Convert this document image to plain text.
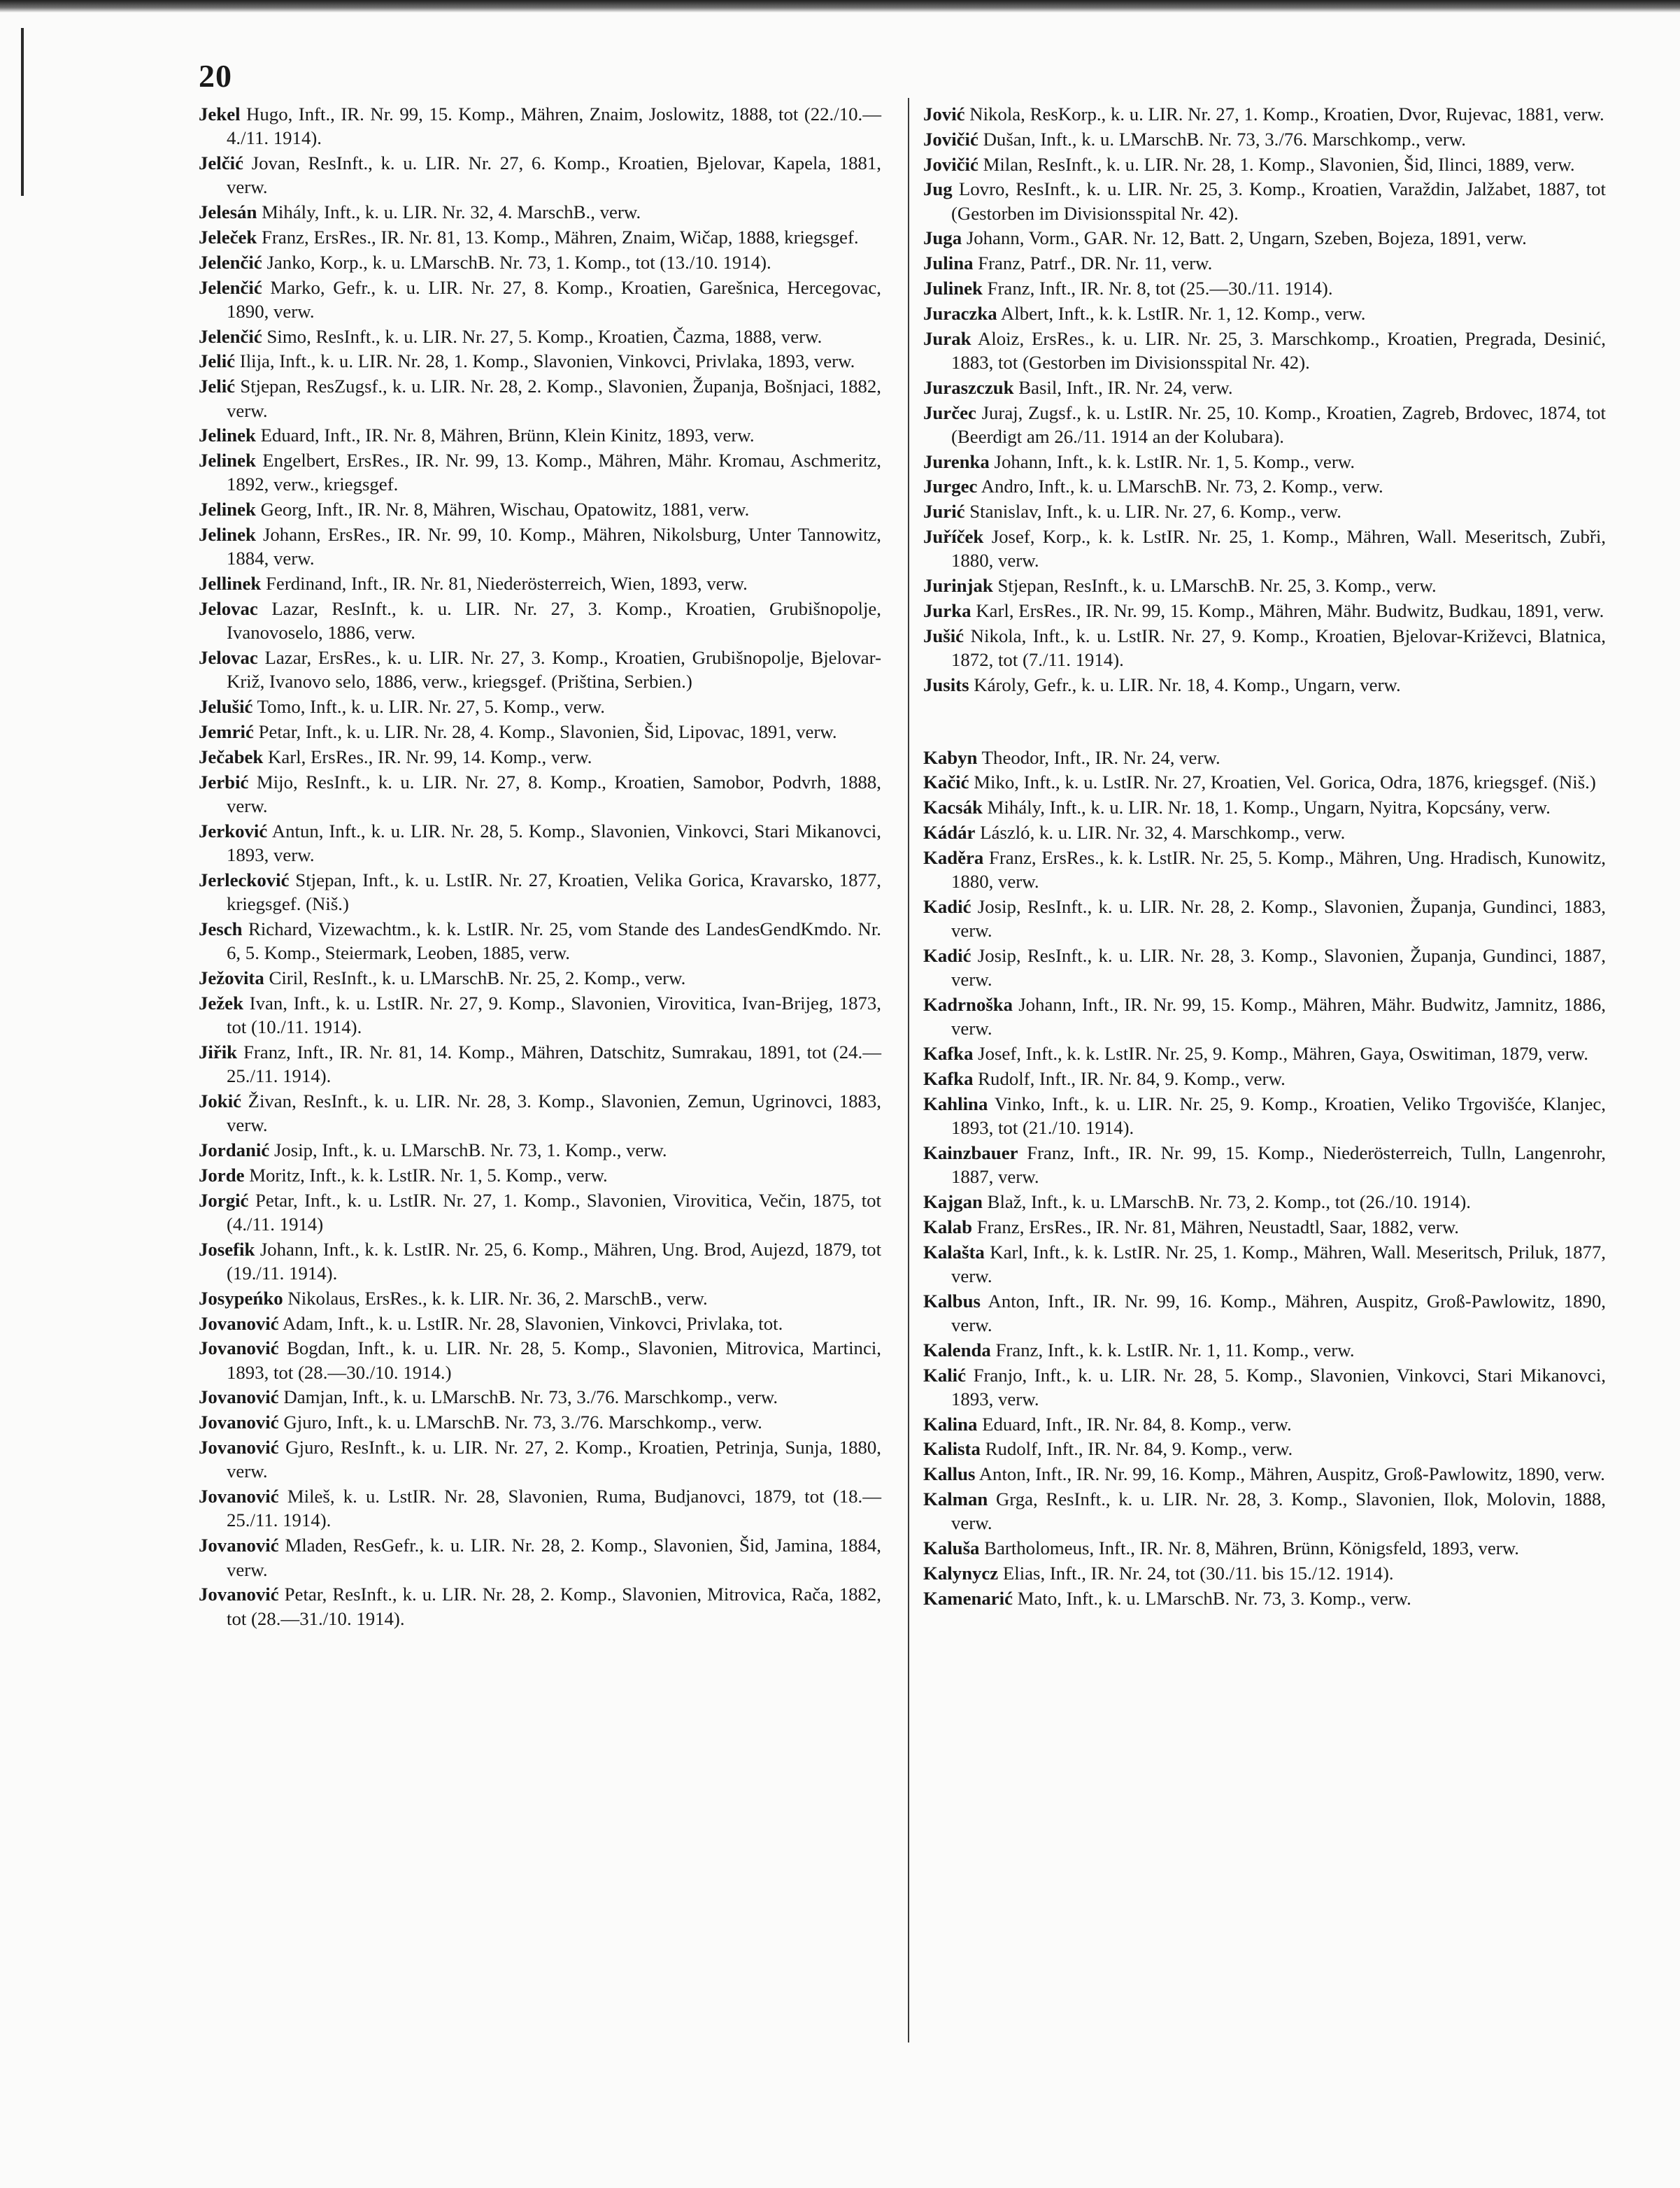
20

Jekel Hugo, Inft., IR. Nr. 99, 15. Komp., Mähren, Znaim, Joslowitz, 1888, tot (22./10.—4./11. 1914).

Jelčić Jovan, ResInft., k. u. LIR. Nr. 27, 6. Komp., Kroatien, Bjelovar, Kapela, 1881, verw.

Jelesán Mihály, Inft., k. u. LIR. Nr. 32, 4. MarschB., verw.

Jeleček Franz, ErsRes., IR. Nr. 81, 13. Komp., Mähren, Znaim, Wičap, 1888, kriegsgef.

Jelenčić Janko, Korp., k. u. LMarschB. Nr. 73, 1. Komp., tot (13./10. 1914).

Jelenčić Marko, Gefr., k. u. LIR. Nr. 27, 8. Komp., Kroatien, Garešnica, Hercegovac, 1890, verw.

Jelenčić Simo, ResInft., k. u. LIR. Nr. 27, 5. Komp., Kroatien, Čazma, 1888, verw.

Jelić Ilija, Inft., k. u. LIR. Nr. 28, 1. Komp., Slavonien, Vinkovci, Privlaka, 1893, verw.

Jelić Stjepan, ResZugsf., k. u. LIR. Nr. 28, 2. Komp., Slavonien, Županja, Bošnjaci, 1882, verw.

Jelinek Eduard, Inft., IR. Nr. 8, Mähren, Brünn, Klein Kinitz, 1893, verw.

Jelinek Engelbert, ErsRes., IR. Nr. 99, 13. Komp., Mähren, Mähr. Kromau, Aschmeritz, 1892, verw., kriegsgef.

Jelinek Georg, Inft., IR. Nr. 8, Mähren, Wischau, Opatowitz, 1881, verw.

Jelinek Johann, ErsRes., IR. Nr. 99, 10. Komp., Mähren, Nikolsburg, Unter Tannowitz, 1884, verw.

Jellinek Ferdinand, Inft., IR. Nr. 81, Niederösterreich, Wien, 1893, verw.

Jelovac Lazar, ResInft., k. u. LIR. Nr. 27, 3. Komp., Kroatien, Grubišnopolje, Ivanovoselo, 1886, verw.

Jelovac Lazar, ErsRes., k. u. LIR. Nr. 27, 3. Komp., Kroatien, Grubišnopolje, Bjelovar-Križ, Ivanovo selo, 1886, verw., kriegsgef. (Priština, Serbien.)

Jelušić Tomo, Inft., k. u. LIR. Nr. 27, 5. Komp., verw.

Jemrić Petar, Inft., k. u. LIR. Nr. 28, 4. Komp., Slavonien, Šid, Lipovac, 1891, verw.

Ječabek Karl, ErsRes., IR. Nr. 99, 14. Komp., verw.

Jerbić Mijo, ResInft., k. u. LIR. Nr. 27, 8. Komp., Kroatien, Samobor, Podvrh, 1888, verw.

Jerković Antun, Inft., k. u. LIR. Nr. 28, 5. Komp., Slavonien, Vinkovci, Stari Mikanovci, 1893, verw.

Jerlecković Stjepan, Inft., k. u. LstIR. Nr. 27, Kroatien, Velika Gorica, Kravarsko, 1877, kriegsgef. (Niš.)

Jesch Richard, Vizewachtm., k. k. LstIR. Nr. 25, vom Stande des LandesGendKmdo. Nr. 6, 5. Komp., Steiermark, Leoben, 1885, verw.

Ježovita Ciril, ResInft., k. u. LMarschB. Nr. 25, 2. Komp., verw.

Ježek Ivan, Inft., k. u. LstIR. Nr. 27, 9. Komp., Slavonien, Virovitica, Ivan-Brijeg, 1873, tot (10./11. 1914).

Jiřik Franz, Inft., IR. Nr. 81, 14. Komp., Mähren, Datschitz, Sumrakau, 1891, tot (24.—25./11. 1914).

Jokić Živan, ResInft., k. u. LIR. Nr. 28, 3. Komp., Slavonien, Zemun, Ugrinovci, 1883, verw.

Jordanić Josip, Inft., k. u. LMarschB. Nr. 73, 1. Komp., verw.

Jorde Moritz, Inft., k. k. LstIR. Nr. 1, 5. Komp., verw.

Jorgić Petar, Inft., k. u. LstIR. Nr. 27, 1. Komp., Slavonien, Virovitica, Večin, 1875, tot (4./11. 1914)

Josefik Johann, Inft., k. k. LstIR. Nr. 25, 6. Komp., Mähren, Ung. Brod, Aujezd, 1879, tot (19./11. 1914).

Josypeńko Nikolaus, ErsRes., k. k. LIR. Nr. 36, 2. MarschB., verw.

Jovanović Adam, Inft., k. u. LstIR. Nr. 28, Slavonien, Vinkovci, Privlaka, tot.

Jovanović Bogdan, Inft., k. u. LIR. Nr. 28, 5. Komp., Slavonien, Mitrovica, Martinci, 1893, tot (28.—30./10. 1914.)

Jovanović Damjan, Inft., k. u. LMarschB. Nr. 73, 3./76. Marschkomp., verw.

Jovanović Gjuro, Inft., k. u. LMarschB. Nr. 73, 3./76. Marschkomp., verw.

Jovanović Gjuro, ResInft., k. u. LIR. Nr. 27, 2. Komp., Kroatien, Petrinja, Sunja, 1880, verw.

Jovanović Mileš, k. u. LstIR. Nr. 28, Slavonien, Ruma, Budjanovci, 1879, tot (18.—25./11. 1914).

Jovanović Mladen, ResGefr., k. u. LIR. Nr. 28, 2. Komp., Slavonien, Šid, Jamina, 1884, verw.

Jovanović Petar, ResInft., k. u. LIR. Nr. 28, 2. Komp., Slavonien, Mitrovica, Rača, 1882, tot (28.—31./10. 1914).

Jović Nikola, ResKorp., k. u. LIR. Nr. 27, 1. Komp., Kroatien, Dvor, Rujevac, 1881, verw.

Jovičić Dušan, Inft., k. u. LMarschB. Nr. 73, 3./76. Marschkomp., verw.

Jovičić Milan, ResInft., k. u. LIR. Nr. 28, 1. Komp., Slavonien, Šid, Ilinci, 1889, verw.

Jug Lovro, ResInft., k. u. LIR. Nr. 25, 3. Komp., Kroatien, Varaždin, Jalžabet, 1887, tot (Gestorben im Divisionsspital Nr. 42).

Juga Johann, Vorm., GAR. Nr. 12, Batt. 2, Ungarn, Szeben, Bojeza, 1891, verw.

Julina Franz, Patrf., DR. Nr. 11, verw.

Julinek Franz, Inft., IR. Nr. 8, tot (25.—30./11. 1914).

Juraczka Albert, Inft., k. k. LstIR. Nr. 1, 12. Komp., verw.

Jurak Aloiz, ErsRes., k. u. LIR. Nr. 25, 3. Marschkomp., Kroatien, Pregrada, Desinić, 1883, tot (Gestorben im Divisionsspital Nr. 42).

Juraszczuk Basil, Inft., IR. Nr. 24, verw.

Jurčec Juraj, Zugsf., k. u. LstIR. Nr. 25, 10. Komp., Kroatien, Zagreb, Brdovec, 1874, tot (Beerdigt am 26./11. 1914 an der Kolubara).

Jurenka Johann, Inft., k. k. LstIR. Nr. 1, 5. Komp., verw.

Jurgec Andro, Inft., k. u. LMarschB. Nr. 73, 2. Komp., verw.

Jurić Stanislav, Inft., k. u. LIR. Nr. 27, 6. Komp., verw.

Juříček Josef, Korp., k. k. LstIR. Nr. 25, 1. Komp., Mähren, Wall. Meseritsch, Zubři, 1880, verw.

Jurinjak Stjepan, ResInft., k. u. LMarschB. Nr. 25, 3. Komp., verw.

Jurka Karl, ErsRes., IR. Nr. 99, 15. Komp., Mähren, Mähr. Budwitz, Budkau, 1891, verw.

Jušić Nikola, Inft., k. u. LstIR. Nr. 27, 9. Komp., Kroatien, Bjelovar-Križevci, Blatnica, 1872, tot (7./11. 1914).

Jusits Károly, Gefr., k. u. LIR. Nr. 18, 4. Komp., Ungarn, verw.

Kabyn Theodor, Inft., IR. Nr. 24, verw.

Kačić Miko, Inft., k. u. LstIR. Nr. 27, Kroatien, Vel. Gorica, Odra, 1876, kriegsgef. (Niš.)

Kacsák Mihály, Inft., k. u. LIR. Nr. 18, 1. Komp., Ungarn, Nyitra, Kopcsány, verw.

Kádár László, k. u. LIR. Nr. 32, 4. Marschkomp., verw.

Kaděra Franz, ErsRes., k. k. LstIR. Nr. 25, 5. Komp., Mähren, Ung. Hradisch, Kunowitz, 1880, verw.

Kadić Josip, ResInft., k. u. LIR. Nr. 28, 2. Komp., Slavonien, Županja, Gundinci, 1883, verw.

Kadić Josip, ResInft., k. u. LIR. Nr. 28, 3. Komp., Slavonien, Županja, Gundinci, 1887, verw.

Kadrnoška Johann, Inft., IR. Nr. 99, 15. Komp., Mähren, Mähr. Budwitz, Jamnitz, 1886, verw.

Kafka Josef, Inft., k. k. LstIR. Nr. 25, 9. Komp., Mähren, Gaya, Oswitiman, 1879, verw.

Kafka Rudolf, Inft., IR. Nr. 84, 9. Komp., verw.

Kahlina Vinko, Inft., k. u. LIR. Nr. 25, 9. Komp., Kroatien, Veliko Trgovišće, Klanjec, 1893, tot (21./10. 1914).

Kainzbauer Franz, Inft., IR. Nr. 99, 15. Komp., Niederösterreich, Tulln, Langenrohr, 1887, verw.

Kajgan Blaž, Inft., k. u. LMarschB. Nr. 73, 2. Komp., tot (26./10. 1914).

Kalab Franz, ErsRes., IR. Nr. 81, Mähren, Neustadtl, Saar, 1882, verw.

Kalašta Karl, Inft., k. k. LstIR. Nr. 25, 1. Komp., Mähren, Wall. Meseritsch, Priluk, 1877, verw.

Kalbus Anton, Inft., IR. Nr. 99, 16. Komp., Mähren, Auspitz, Groß-Pawlowitz, 1890, verw.

Kalenda Franz, Inft., k. k. LstIR. Nr. 1, 11. Komp., verw.

Kalić Franjo, Inft., k. u. LIR. Nr. 28, 5. Komp., Slavonien, Vinkovci, Stari Mikanovci, 1893, verw.

Kalina Eduard, Inft., IR. Nr. 84, 8. Komp., verw.

Kalista Rudolf, Inft., IR. Nr. 84, 9. Komp., verw.

Kallus Anton, Inft., IR. Nr. 99, 16. Komp., Mähren, Auspitz, Groß-Pawlowitz, 1890, verw.

Kalman Grga, ResInft., k. u. LIR. Nr. 28, 3. Komp., Slavonien, Ilok, Molovin, 1888, verw.

Kaluša Bartholomeus, Inft., IR. Nr. 8, Mähren, Brünn, Königsfeld, 1893, verw.

Kalynycz Elias, Inft., IR. Nr. 24, tot (30./11. bis 15./12. 1914).

Kamenarić Mato, Inft., k. u. LMarschB. Nr. 73, 3. Komp., verw.
